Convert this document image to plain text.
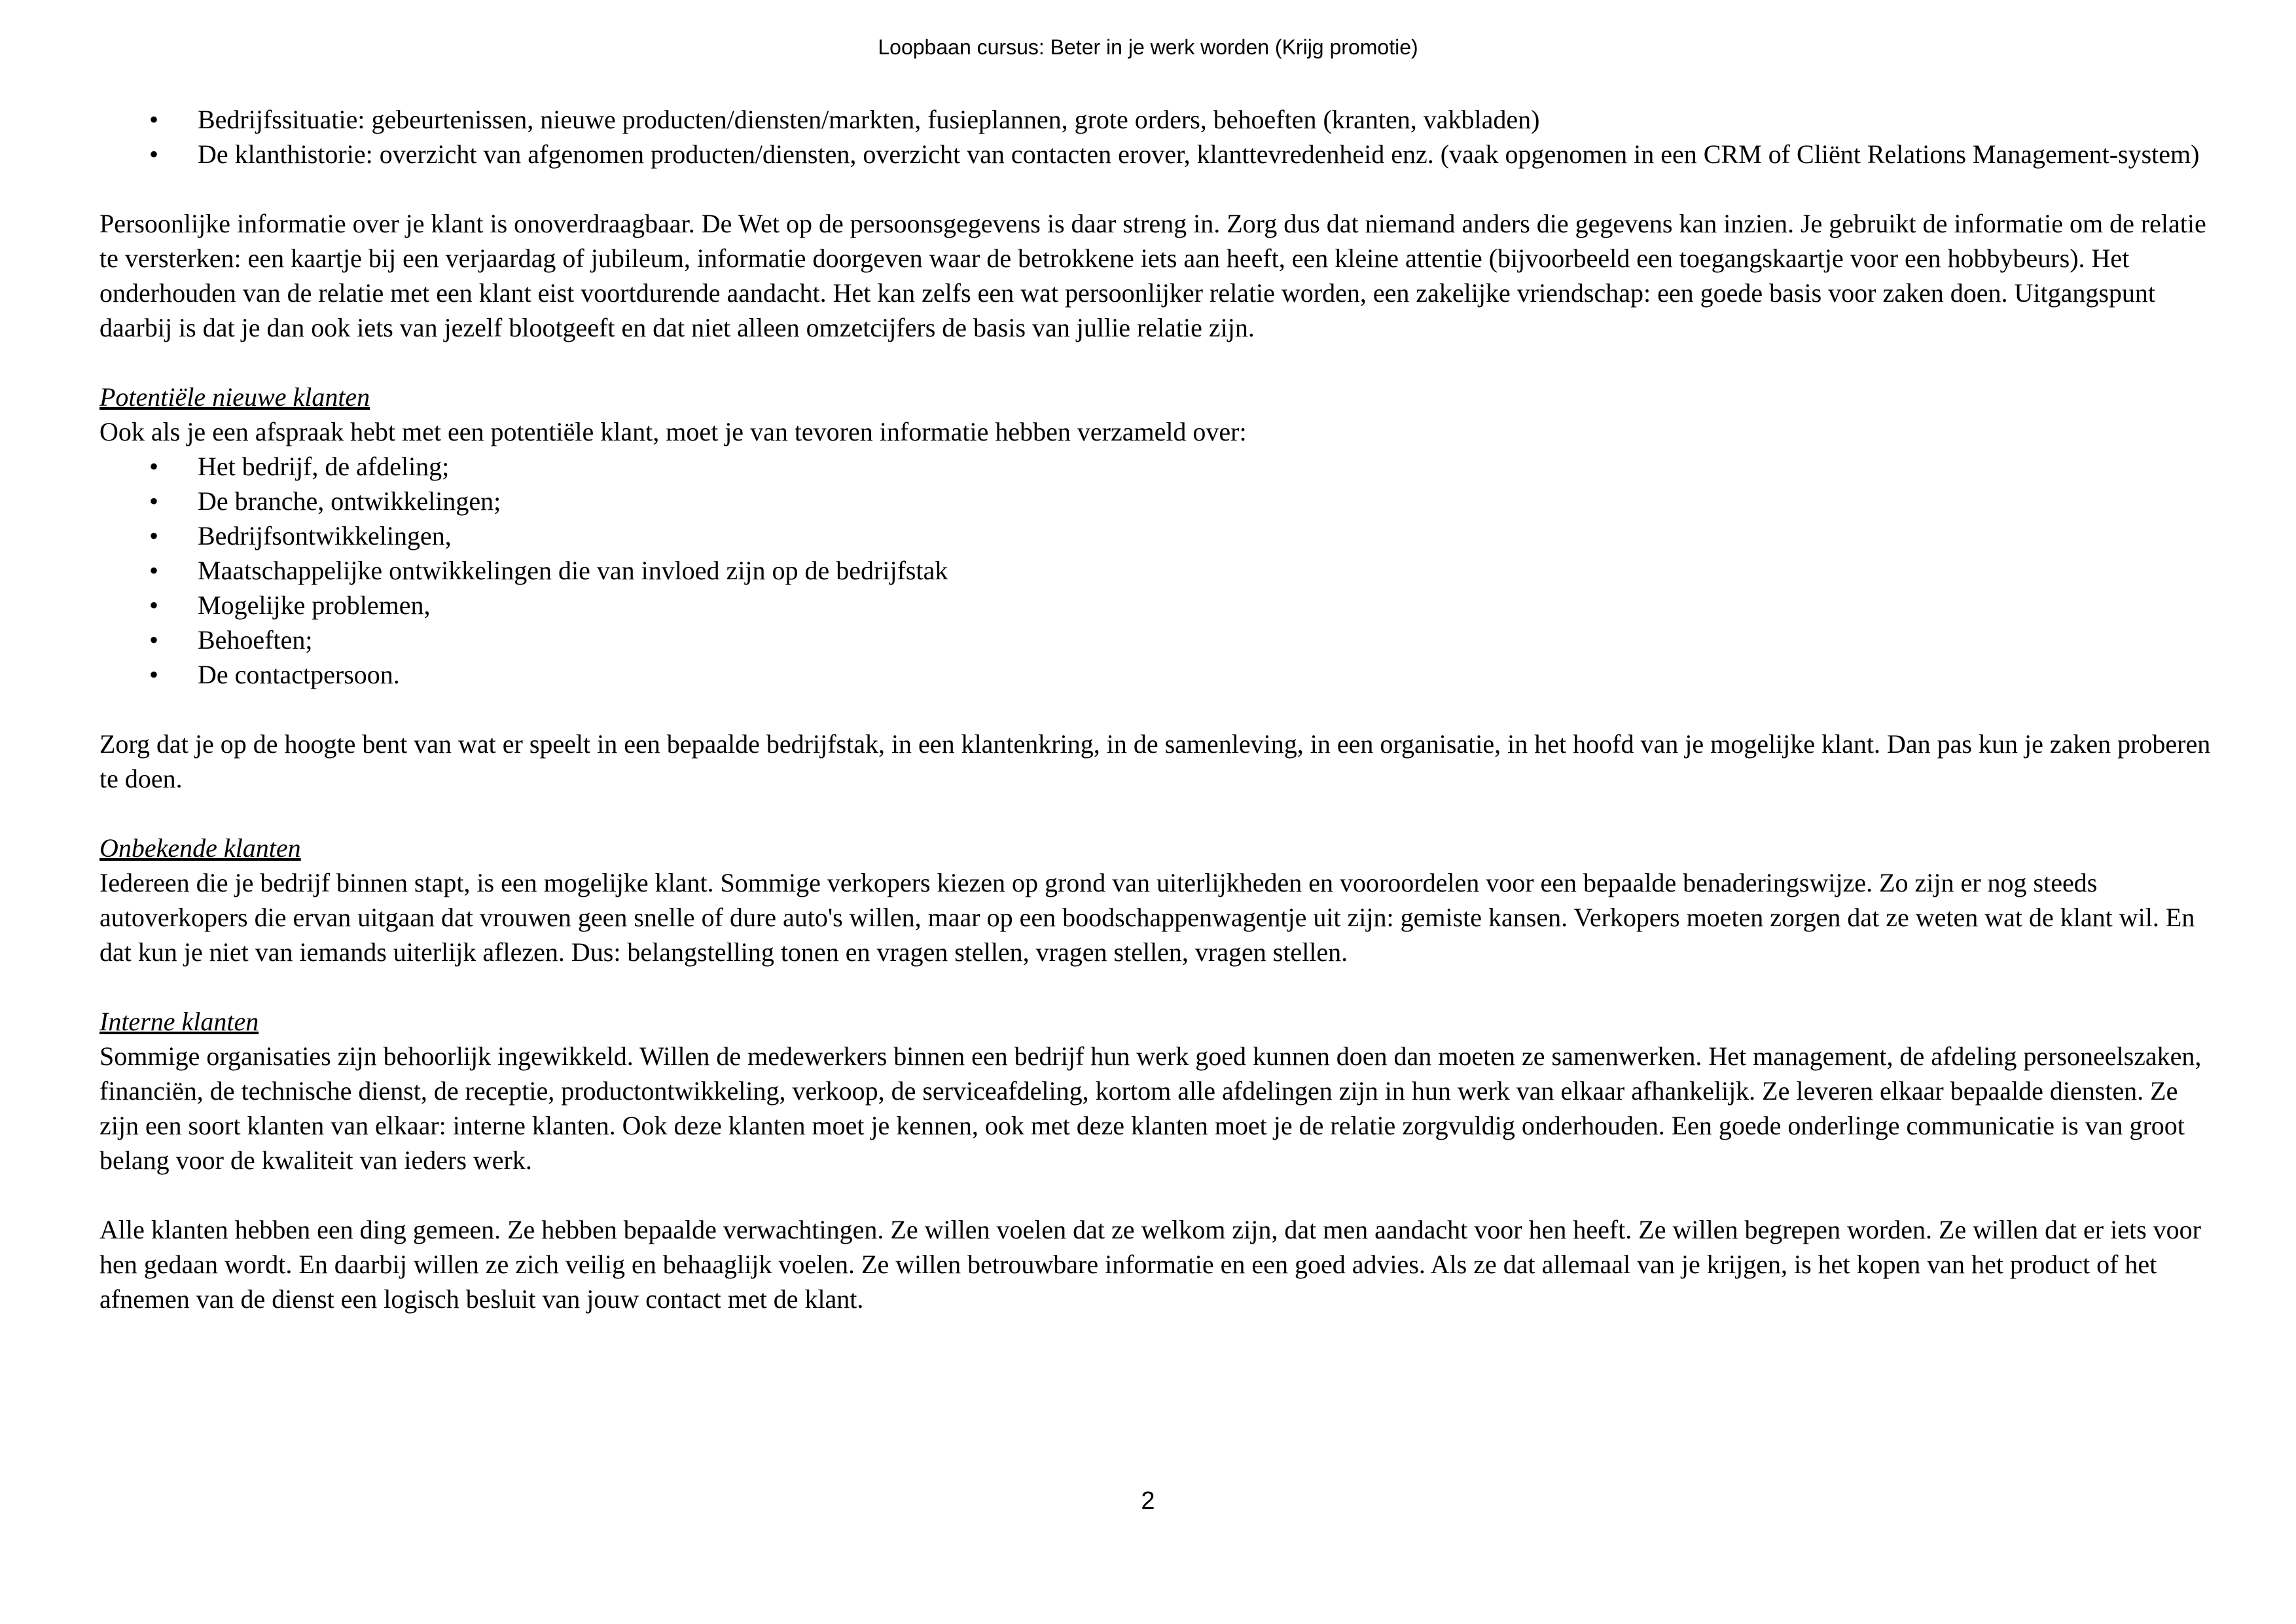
Loopbaan cursus: Beter in je werk worden (Krijg promotie)
• Bedrijfssituatie: gebeurtenissen, nieuwe producten/diensten/markten, fusieplannen, grote orders, behoeften (kranten, vakbladen)
• De klanthistorie: overzicht van afgenomen producten/diensten, overzicht van contacten erover, klanttevredenheid enz. (vaak opgenomen in een CRM of Cliënt Relations Management-system)

Persoonlijke informatie over je klant is onoverdraagbaar. De Wet op de persoonsgegevens is daar streng in. Zorg dus dat niemand anders die gegevens kan inzien. Je gebruikt de informatie om de relatie te versterken: een kaartje bij een verjaardag of jubileum, informatie doorgeven waar de betrokkene iets aan heeft, een kleine attentie (bijvoorbeeld een toegangskaartje voor een hobbybeurs). Het onderhouden van de relatie met een klant eist voortdurende aandacht. Het kan zelfs een wat persoonlijker relatie worden, een zakelijke vriendschap: een goede basis voor zaken doen. Uitgangspunt daarbij is dat je dan ook iets van jezelf blootgeeft en dat niet alleen omzetcijfers de basis van jullie relatie zijn.

Potentiële nieuwe klanten

Ook als je een afspraak hebt met een potentiële klant, moet je van tevoren informatie hebben verzameld over:

• Het bedrijf, de afdeling;
• De branche, ontwikkelingen;
• Bedrijfsontwikkelingen,
• Maatschappelijke ontwikkelingen die van invloed zijn op de bedrijfstak
• Mogelijke problemen,
• Behoeften;
• De contactpersoon.

Zorg dat je op de hoogte bent van wat er speelt in een bepaalde bedrijfstak, in een klantenkring, in de samenleving, in een organisatie, in het hoofd van je mogelijke klant. Dan pas kun je zaken proberen te doen.

Onbekende klanten

Iedereen die je bedrijf binnen stapt, is een mogelijke klant. Sommige verkopers kiezen op grond van uiterlijkheden en vooroordelen voor een bepaalde benaderingswijze. Zo zijn er nog steeds autoverkopers die ervan uitgaan dat vrouwen geen snelle of dure auto's willen, maar op een boodschappenwagentje uit zijn: gemiste kansen. Verkopers moeten zorgen dat ze weten wat de klant wil. En dat kun je niet van iemands uiterlijk aflezen. Dus: belangstelling tonen en vragen stellen, vragen stellen, vragen stellen.

Interne klanten

Sommige organisaties zijn behoorlijk ingewikkeld. Willen de medewerkers binnen een bedrijf hun werk goed kunnen doen dan moeten ze samenwerken. Het management, de afdeling personeelszaken, financiën, de technische dienst, de receptie, productontwikkeling, verkoop, de serviceafdeling, kortom alle afdelingen zijn in hun werk van elkaar afhankelijk. Ze leveren elkaar bepaalde diensten. Ze zijn een soort klanten van elkaar: interne klanten. Ook deze klanten moet je kennen, ook met deze klanten moet je de relatie zorgvuldig onderhouden. Een goede onderlinge communicatie is van groot belang voor de kwaliteit van ieders werk.

Alle klanten hebben een ding gemeen. Ze hebben bepaalde verwachtingen. Ze willen voelen dat ze welkom zijn, dat men aandacht voor hen heeft. Ze willen begrepen worden. Ze willen dat er iets voor hen gedaan wordt. En daarbij willen ze zich veilig en behaaglijk voelen. Ze willen betrouwbare informatie en een goed advies. Als ze dat allemaal van je krijgen, is het kopen van het product of het afnemen van de dienst een logisch besluit van jouw contact met de klant.

2
